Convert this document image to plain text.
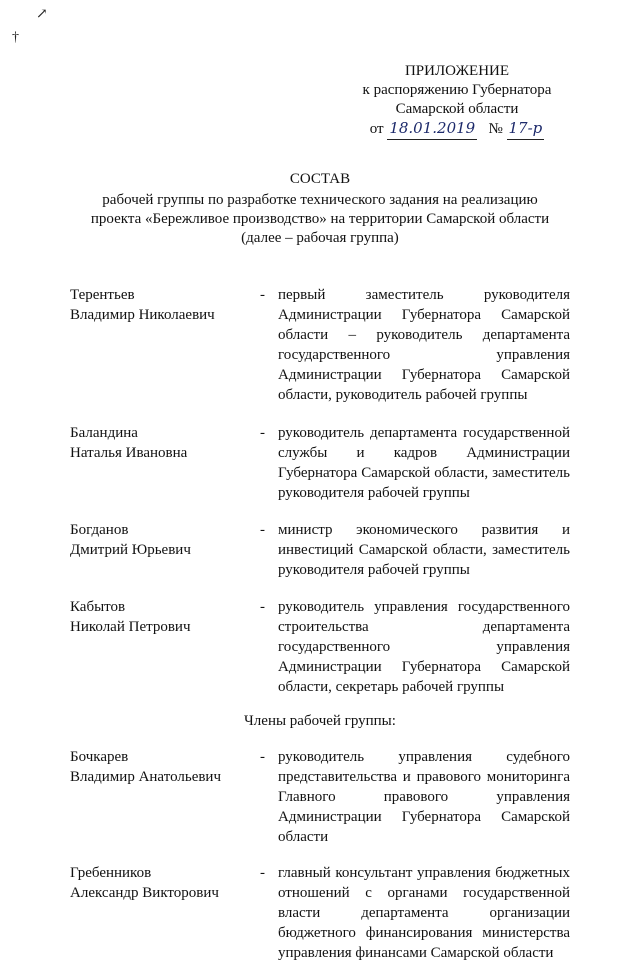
↗
†
ПРИЛОЖЕНИЕ
к распоряжению Губернатора
Самарской области
от 18.01.2019 № 17-р
СОСТАВ
рабочей группы по разработке технического задания на реализацию
проекта «Бережливое производство» на территории Самарской области
(далее – рабочая группа)
Терентьев
Владимир Николаевич
- первый заместитель руководителя Администрации Губернатора Самарской области – руководитель департамента государственного управления Администрации Губернатора Самарской области, руководитель рабочей группы
Баландина
Наталья Ивановна
- руководитель департамента государственной службы и кадров Администрации Губернатора Самарской области, заместитель руководителя рабочей группы
Богданов
Дмитрий Юрьевич
- министр экономического развития и инвестиций Самарской области, заместитель руководителя рабочей группы
Кабытов
Николай Петрович
- руководитель управления государственного строительства департамента государственного управления Администрации Губернатора Самарской области, секретарь рабочей группы
Члены рабочей группы:
Бочкарев
Владимир Анатольевич
- руководитель управления судебного представительства и правового мониторинга Главного правового управления Администрации Губернатора Самарской области
Гребенников
Александр Викторович
- главный консультант управления бюджетных отношений с органами государственной власти департамента организации бюджетного финансирования министерства управления финансами Самарской области
